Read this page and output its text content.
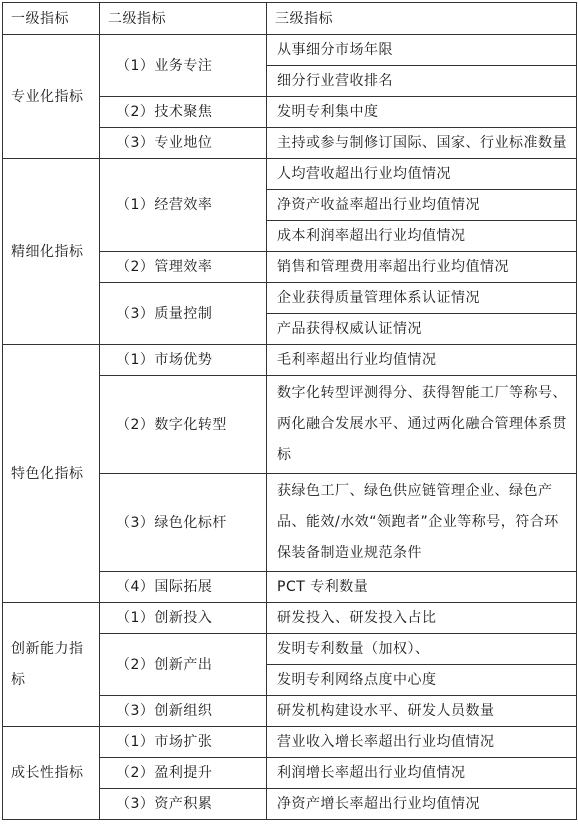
一级指标	二级指标	三级指标
专业化指标	（1）业务专注	从事细分市场年限
		细分行业营收排名
	（2）技术聚焦	发明专利集中度
	（3）专业地位	主持或参与制修订国际、国家、行业标准数量
精细化指标	（1）经营效率	人均营收超出行业均值情况
		净资产收益率超出行业均值情况
		成本利润率超出行业均值情况
	（2）管理效率	销售和管理费用率超出行业均值情况
	（3）质量控制	企业获得质量管理体系认证情况
		产品获得权威认证情况
特色化指标	（1）市场优势	毛利率超出行业均值情况
	（2）数字化转型	数字化转型评测得分、获得智能工厂等称号、两化融合发展水平、通过两化融合管理体系贯标
	（3）绿色化标杆	获绿色工厂、绿色供应链管理企业、绿色产品、能效/水效“领跑者”企业等称号，符合环保装备制造业规范条件
	（4）国际拓展	PCT 专利数量
创新能力指标	（1）创新投入	研发投入、研发投入占比
	（2）创新产出	发明专利数量（加权）、
		发明专利网络点度中心度
	（3）创新组织	研发机构建设水平、研发人员数量
成长性指标	（1）市场扩张	营业收入增长率超出行业均值情况
	（2）盈利提升	利润增长率超出行业均值情况
	（3）资产积累	净资产增长率超出行业均值情况
